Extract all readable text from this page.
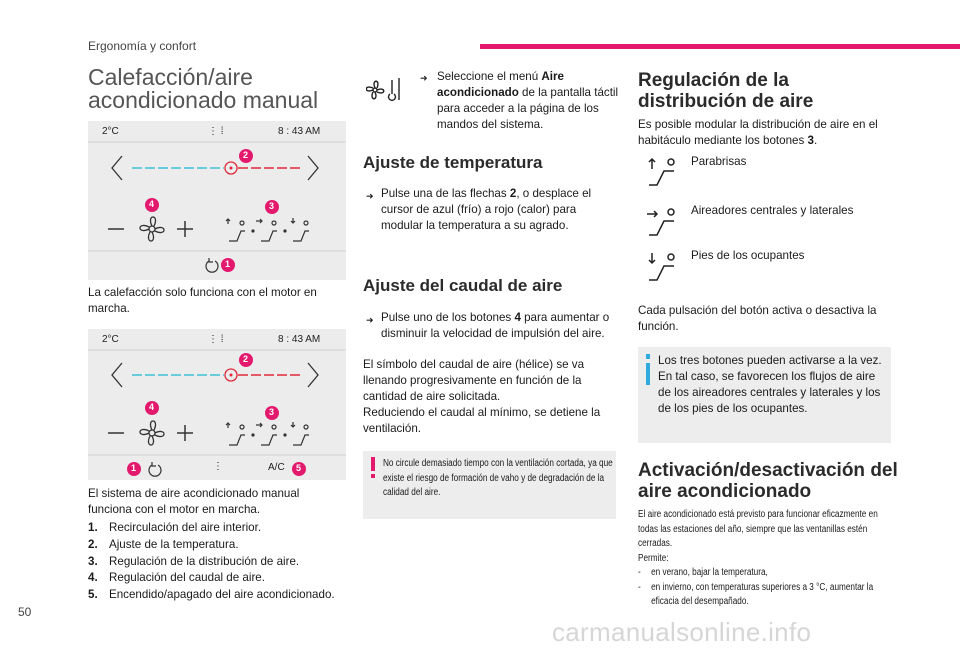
Ergonomía y confort
Calefacción/aire acondicionado manual
2°C	⋮ ⁞	8 : 43 AM
2
4	3
1
La calefacción solo funciona con el motor en marcha.
2°C	⋮ ⁞	8 : 43 AM
⋮	A/C
2
4	3
1	5
El sistema de aire acondicionado manual funciona con el motor en marcha.
1. Recirculación del aire interior.
2. Ajuste de la temperatura.
3. Regulación de la distribución de aire.
4. Regulación del caudal de aire.
5. Encendido/apagado del aire acondicionado.
➜ Seleccione el menú Aire acondicionado de la pantalla táctil para acceder a la página de los mandos del sistema.
Ajuste de temperatura
➜ Pulse una de las flechas 2, o desplace el cursor de azul (frío) a rojo (calor) para modular la temperatura a su agrado.
Ajuste del caudal de aire
➜ Pulse uno de los botones 4 para aumentar o disminuir la velocidad de impulsión del aire.
El símbolo del caudal de aire (hélice) se va llenando progresivamente en función de la cantidad de aire solicitada.
Reduciendo el caudal al mínimo, se detiene la ventilación.
No circule demasiado tiempo con la ventilación cortada, ya que existe el riesgo de formación de vaho y de degradación de la calidad del aire.
Regulación de la distribución de aire
Es posible modular la distribución de aire en el habitáculo mediante los botones 3.
Parabrisas
Aireadores centrales y laterales
Pies de los ocupantes
Cada pulsación del botón activa o desactiva la función.
Los tres botones pueden activarse a la vez. En tal caso, se favorecen los flujos de aire de los aireadores centrales y laterales y los de los pies de los ocupantes.
Activación/desactivación del aire acondicionado
El aire acondicionado está previsto para funcionar eficazmente en todas las estaciones del año, siempre que las ventanillas estén cerradas.
Permite:
- en verano, bajar la temperatura,
- en invierno, con temperaturas superiores a 3 °C, aumentar la eficacia del desempañado.
50
carmanualsonline.info
